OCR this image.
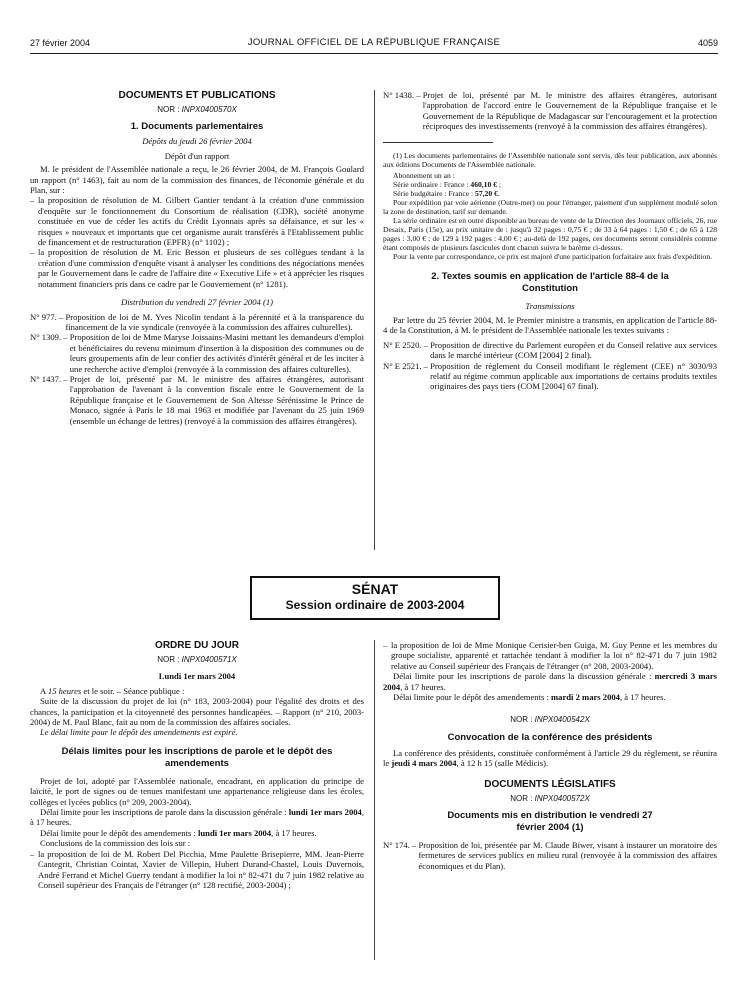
27 février 2004	JOURNAL OFFICIEL DE LA RÉPUBLIQUE FRANÇAISE	4059
DOCUMENTS ET PUBLICATIONS
NOR : INPX0400570X
1. Documents parlementaires
Dépôts du jeudi 26 février 2004
Dépôt d'un rapport

M. le président de l'Assemblée nationale a reçu, le 26 février 2004, de M. François Goulard un rapport (n° 1463), fait au nom de la commission des finances, de l'économie générale et du Plan, sur :

– la proposition de résolution de M. Gilbert Gantier tendant à la création d'une commission d'enquête sur le fonctionnement du Consortium de réalisation (CDR), société anonyme constituée en vue de céder les actifs du Crédit Lyonnais après sa défaisance, et sur les « risques » nouveaux et importants que cet organisme aurait transférés à l'Etablissement public de financement et de restructuration (EPFR) (n° 1102) ;
– la proposition de résolution de M. Eric Besson et plusieurs de ses collègues tendant à la création d'une commission d'enquête visant à analyser les conditions des négociations menées par le Gouvernement dans le cadre de l'affaire dite « Executive Life » et à apprécier les risques notamment financiers pris dans ce cadre par le Gouvernement (n° 1281).
Distribution du vendredi 27 février 2004 (1)
N° 977. – Proposition de loi de M. Yves Nicolin tendant à la pérennité et à la transparence du financement de la vie syndicale (renvoyée à la commission des affaires culturelles).
N° 1309. – Proposition de loi de Mme Maryse Joissains-Masini mettant les demandeurs d'emploi et bénéficiaires du revenu minimum d'insertion à la disposition des communes ou de leurs groupements afin de leur confier des activités d'intérêt général et de les inciter à une recherche active d'emploi (renvoyée à la commission des affaires culturelles).
N° 1437. – Projet de loi, présenté par M. le ministre des affaires étrangères, autorisant l'approbation de l'avenant à la convention fiscale entre le Gouvernement de la République française et le Gouvernement de Son Altesse Sérénissime le Prince de Monaco, signée à Paris le 18 mai 1963 et modifiée par l'avenant du 25 juin 1969 (ensemble un échange de lettres) (renvoyé à la commission des affaires étrangères).
N° 1438. – Projet de loi, présenté par M. le ministre des affaires étrangères, autorisant l'approbation de l'accord entre le Gouvernement de la République française et le Gouvernement de la République de Madagascar sur l'encouragement et la protection réciproques des investissements (renvoyé à la commission des affaires étrangères).

(1) Les documents parlementaires de l'Assemblée nationale sont servis, dès leur publication, aux abonnés aux éditions Documents de l'Assemblée nationale.

Abonnement un an :
Série ordinaire : France : 460,10 € ;
Série budgétaire : France : 57,20 €.

Pour expédition par voie aérienne (Outre-mer) ou pour l'étranger, paiement d'un supplément modulé selon la zone de destination, tarif sur demande.

La série ordinaire est en outre disponible au bureau de vente de la Direction des Journaux officiels, 26, rue Desaix, Paris (15e), au prix unitaire de : jusqu'à 32 pages : 0,75 € ; de 33 à 64 pages : 1,50 € ; de 65 à 128 pages : 3,00 € ; de 129 à 192 pages : 4,00 € ; au-delà de 192 pages, ces documents seront considérés comme étant composés de plusieurs fascicules dont chacun suivra le barème ci-dessus.

Pour la vente par correspondance, ce prix est majoré d'une participation forfaitaire aux frais d'expédition.

2. Textes soumis en application de l'article 88-4 de la Constitution
Transmissions

Par lettre du 25 février 2004, M. le Premier ministre a transmis, en application de l'article 88-4 de la Constitution, à M. le président de l'Assemblée nationale les textes suivants :

N° E 2520. – Proposition de directive du Parlement européen et du Conseil relative aux services dans le marché intérieur (COM [2004] 2 final).
N° E 2521. – Proposition de règlement du Conseil modifiant le règlement (CEE) n° 3030/93 relatif au régime commun applicable aux importations de certains produits textiles originaires des pays tiers (COM [2004] 67 final).
SÉNAT
Session ordinaire de 2003-2004
ORDRE DU JOUR
NOR : INPX0400571X
Lundi 1er mars 2004

A 15 heures et le soir. – Séance publique :

Suite de la discussion du projet de loi (n° 183, 2003-2004) pour l'égalité des droits et des chances, la participation et la citoyenneté des personnes handicapées. – Rapport (n° 210, 2003-2004) de M. Paul Blanc, fait au nom de la commission des affaires sociales.

Le délai limite pour le dépôt des amendements est expiré.

Délais limites pour les inscriptions de parole et le dépôt des amendements

Projet de loi, adopté par l'Assemblée nationale, encadrant, en application du principe de laïcité, le port de signes ou de tenues manifestant une appartenance religieuse dans les écoles, collèges et lycées publics (n° 209, 2003-2004).

Délai limite pour les inscriptions de parole dans la discussion générale : lundi 1er mars 2004, à 17 heures.

Délai limite pour le dépôt des amendements : lundi 1er mars 2004, à 17 heures.

Conclusions de la commission des lois sur :

– la proposition de loi de M. Robert Del Picchia, Mme Paulette Brisepierre, MM. Jean-Pierre Cantegrit, Christian Cointat, Xavier de Villepin, Hubert Durand-Chastel, Louis Duvernois, André Ferrand et Michel Guerry tendant à modifier la loi n° 82-471 du 7 juin 1982 relative au Conseil supérieur des Français de l'étranger (n° 128 rectifié, 2003-2004) ;
– la proposition de loi de Mme Monique Cerisier-ben Guiga, M. Guy Penne et les membres du groupe socialiste, apparenté et rattachée tendant à modifier la loi n° 82-471 du 7 juin 1982 relative au Conseil supérieur des Français de l'étranger (n° 208, 2003-2004).

Délai limite pour les inscriptions de parole dans la discussion générale : mercredi 3 mars 2004, à 17 heures.

Délai limite pour le dépôt des amendements : mardi 2 mars 2004, à 17 heures.

NOR : INPX0400542X
Convocation de la conférence des présidents

La conférence des présidents, constituée conformément à l'article 29 du règlement, se réunira le jeudi 4 mars 2004, à 12 h 15 (salle Médicis).

DOCUMENTS LÉGISLATIFS
NOR : INPX0400572X
Documents mis en distribution le vendredi 27 février 2004 (1)
N° 174. – Proposition de loi, présentée par M. Claude Biwer, visant à instaurer un moratoire des fermetures de services publics en milieu rural (renvoyée à la commission des affaires économiques et du Plan).
